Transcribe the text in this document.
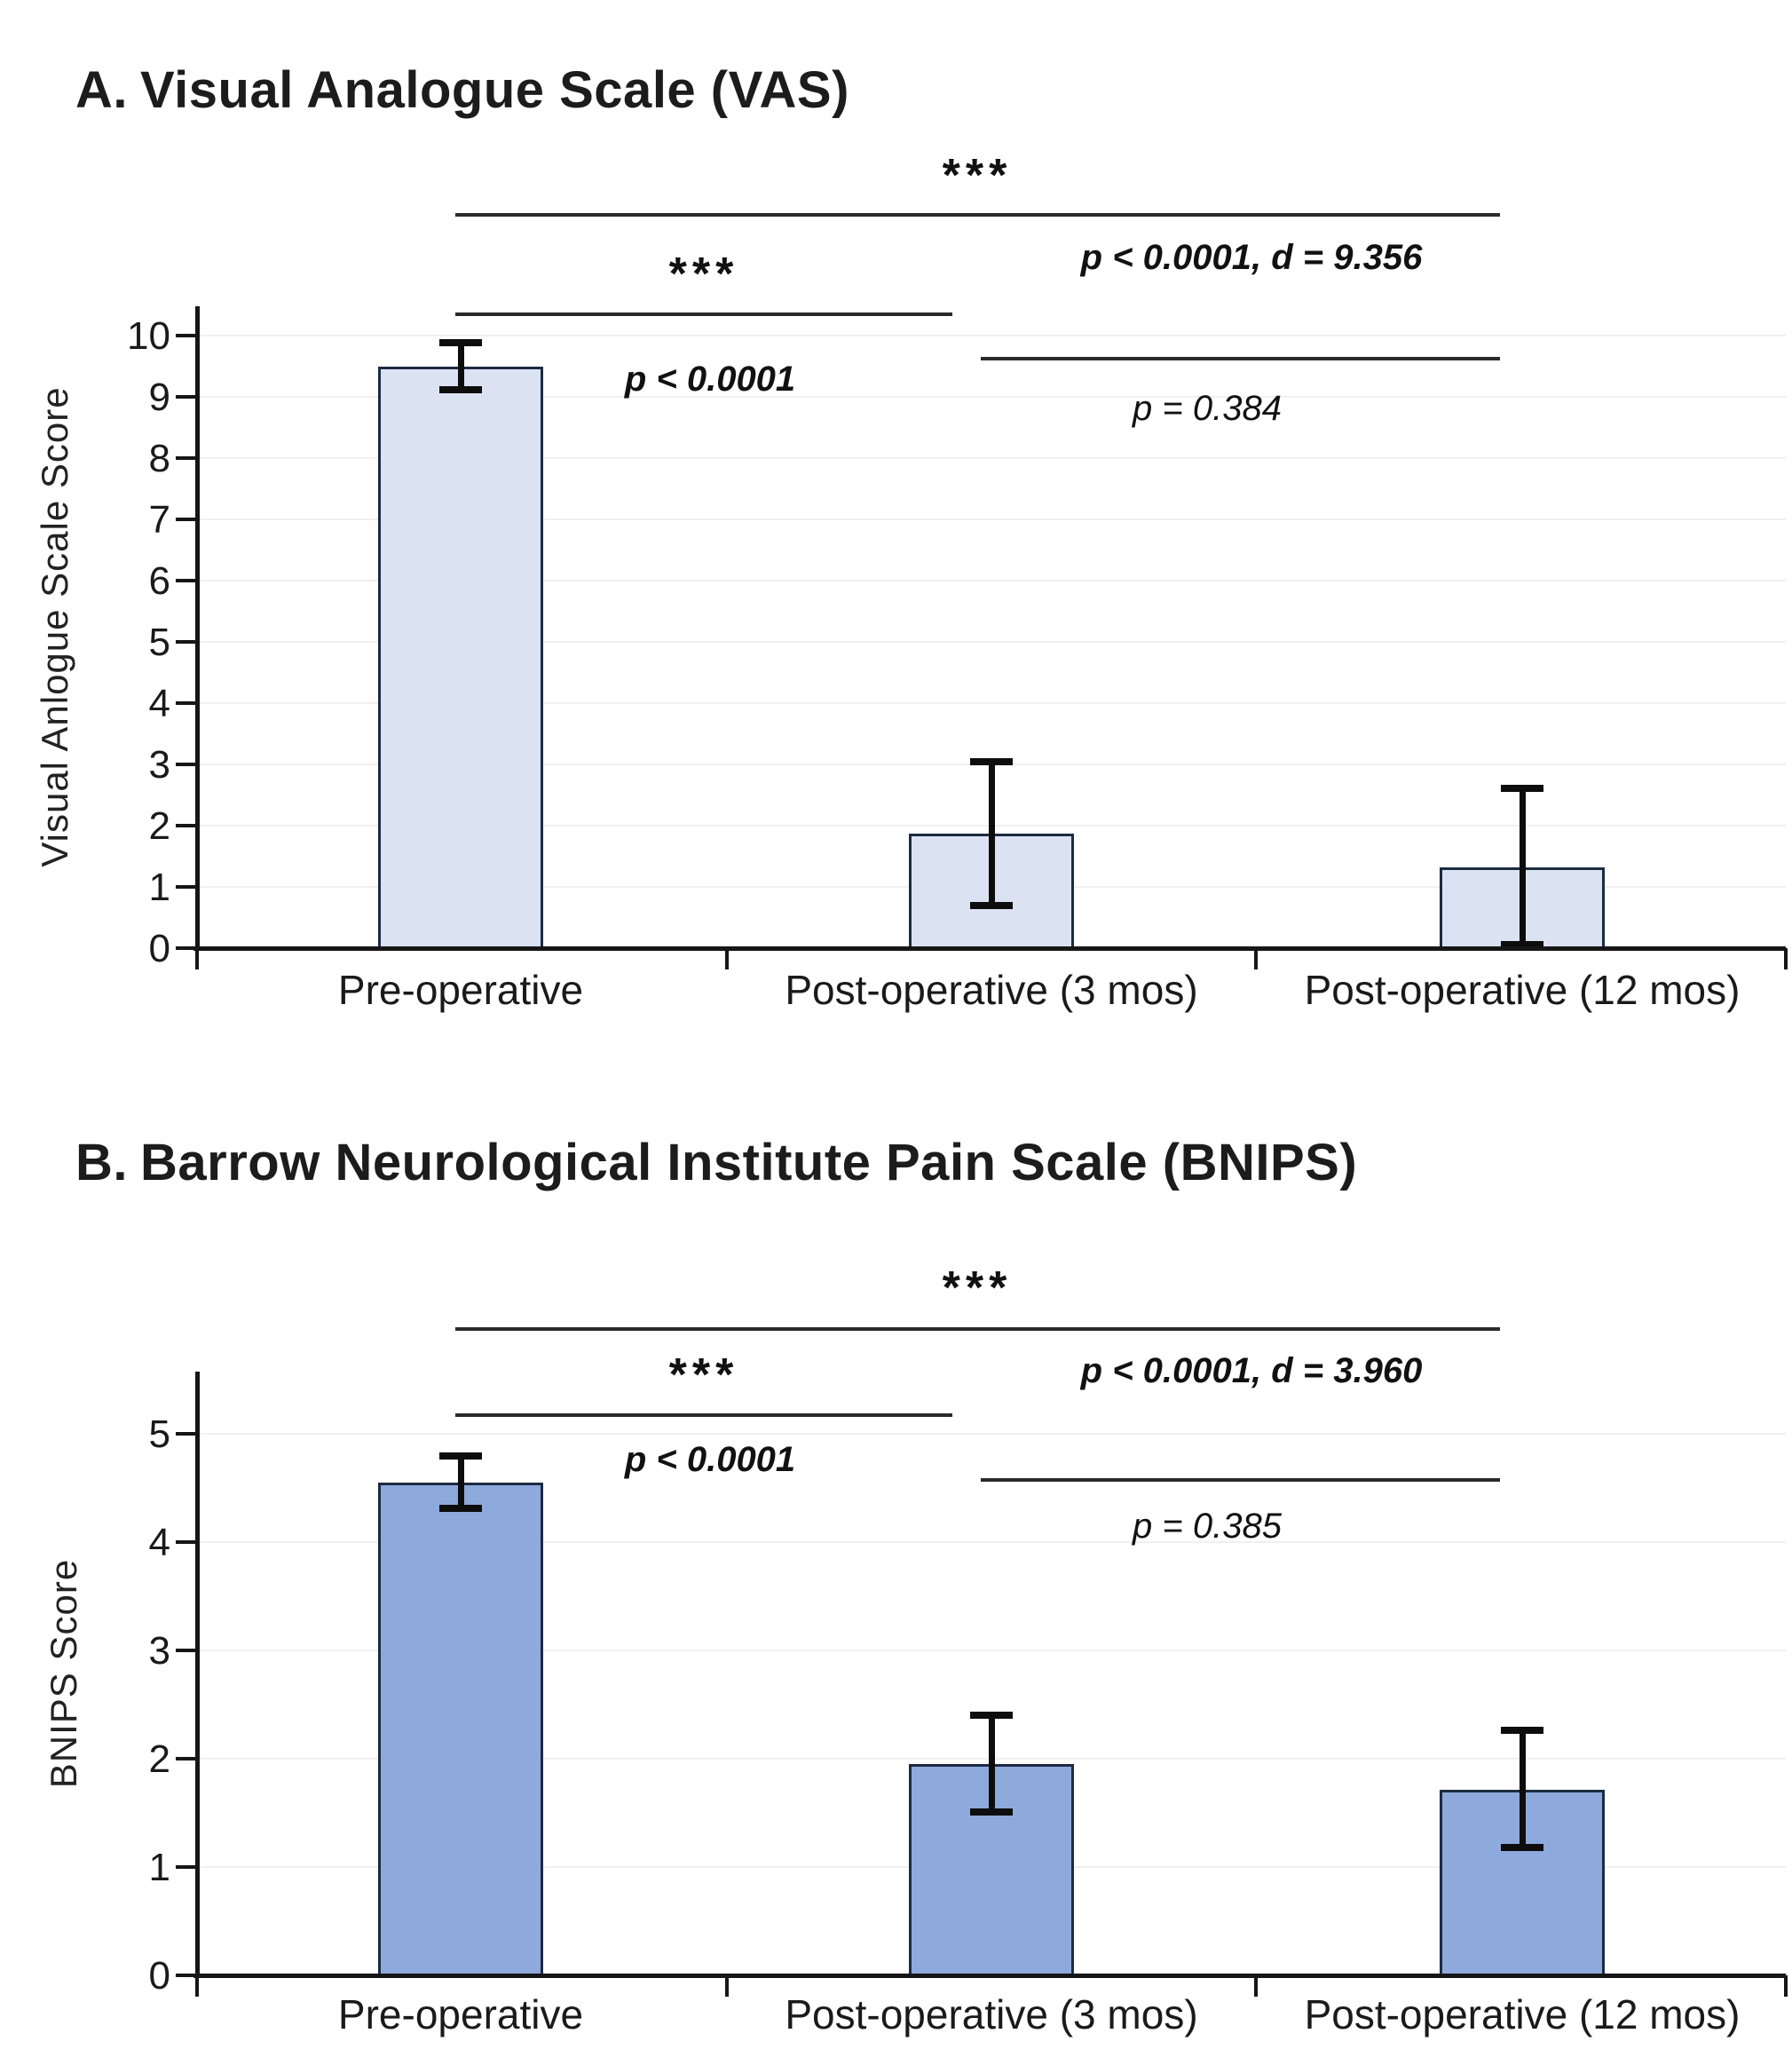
A. Visual Analogue Scale (VAS)
Visual Anlogue Scale Score
0
1
2
3
4
5
6
7
8
9
10
Pre-operative	Post-operative (3 mos)	Post-operative (12 mos)
***
p < 0.0001
***
p < 0.0001, d = 9.356
p = 0.384
B. Barrow Neurological Institute Pain Scale (BNIPS)
BNIPS Score
0
1
2
3
4
5
Pre-operative	Post-operative (3 mos)	Post-operative (12 mos)
***
p < 0.0001
***
p < 0.0001, d = 3.960
p = 0.385
